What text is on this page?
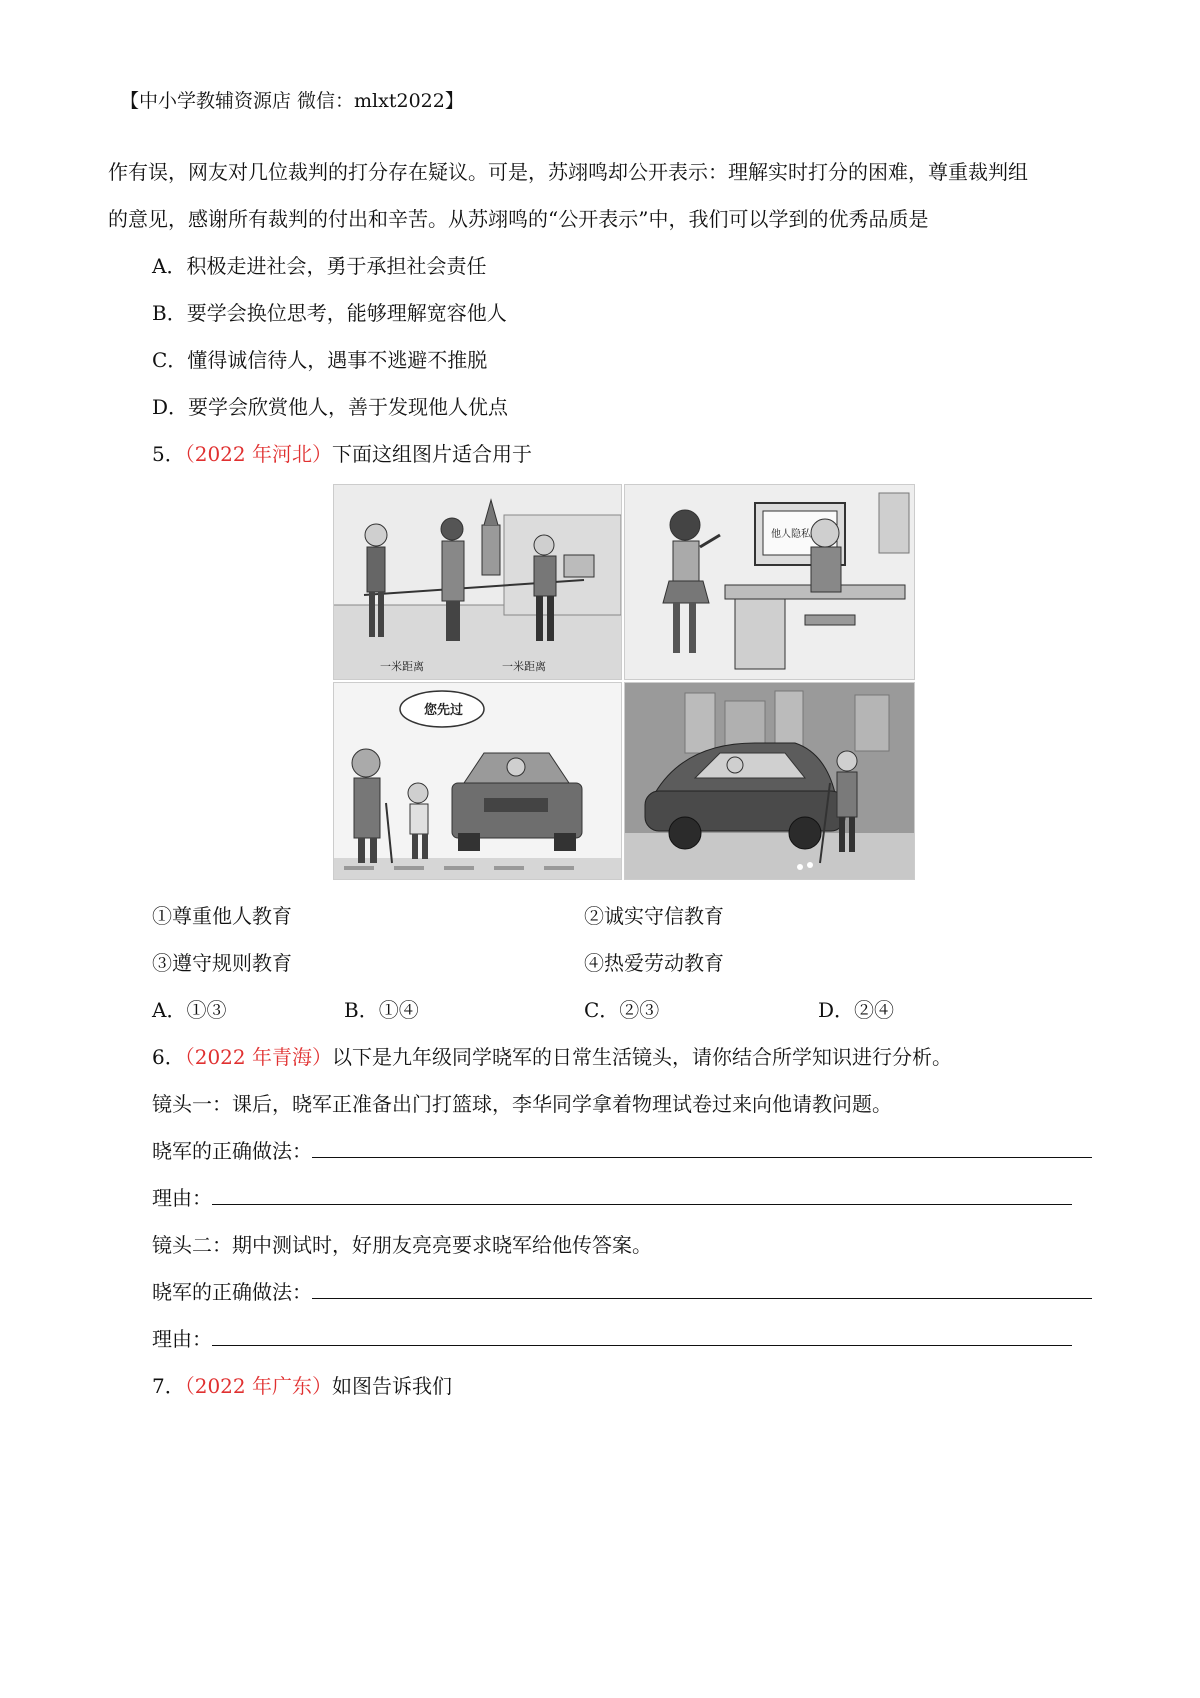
【中小学教辅资源店 微信：mlxt2022】
作有误，网友对几位裁判的打分存在疑议。可是，苏翊鸣却公开表示：理解实时打分的困难，尊重裁判组
的意见，感谢所有裁判的付出和辛苦。从苏翊鸣的“公开表示”中，我们可以学到的优秀品质是
A．积极走进社会，勇于承担社会责任
B．要学会换位思考，能够理解宽容他人
C．懂得诚信待人，遇事不逃避不推脱
D．要学会欣赏他人，善于发现他人优点
5．（2022 年河北）下面这组图片适合用于
一米距离	一米距离
他人隐私
您先过
①尊重他人教育	②诚实守信教育
③遵守规则教育	④热爱劳动教育
A．①③	B．①④	C．②③	D．②④
6．（2022 年青海）以下是九年级同学晓军的日常生活镜头，请你结合所学知识进行分析。
镜头一：课后，晓军正准备出门打篮球，李华同学拿着物理试卷过来向他请教问题。
晓军的正确做法：
理由：
镜头二：期中测试时，好朋友亮亮要求晓军给他传答案。
晓军的正确做法：
理由：
7．（2022 年广东）如图告诉我们
